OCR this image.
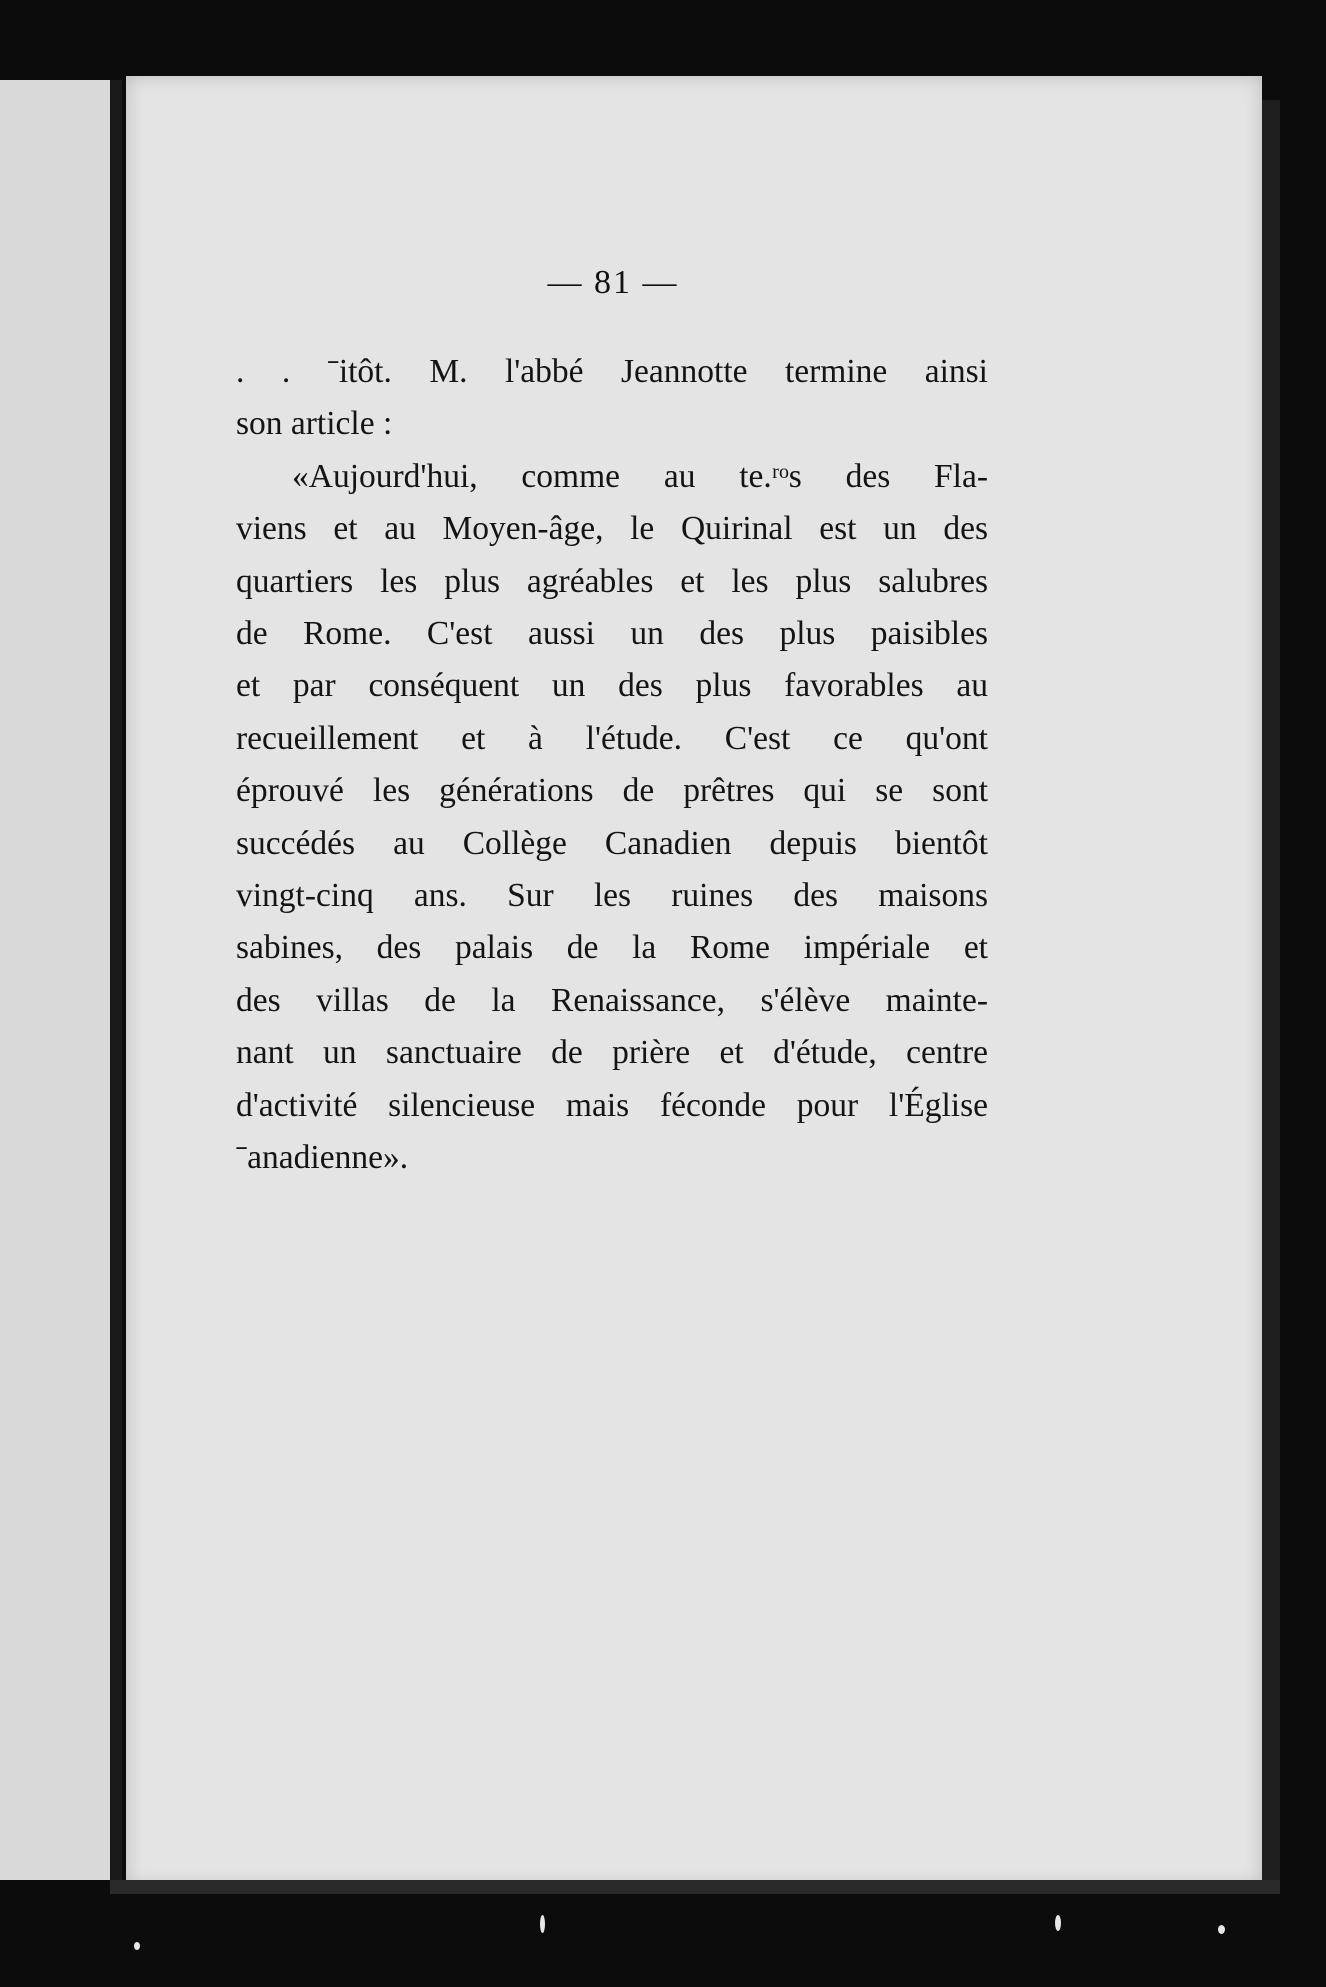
— 81 —
. . ˉitôt. M. l'abbé Jeannotte termine ainsi
son article :
«Aujourd'hui, comme au te.ʳᵒs des Fla-
viens et au Moyen-âge, le Quirinal est un des
quartiers les plus agréables et les plus salubres
de Rome. C'est aussi un des plus paisibles
et par conséquent un des plus favorables au
recueillement et à l'étude. C'est ce qu'ont
éprouvé les générations de prêtres qui se sont
succédés au Collège Canadien depuis bientôt
vingt-cinq ans. Sur les ruines des maisons
sabines, des palais de la Rome impériale et
des villas de la Renaissance, s'élève mainte-
nant un sanctuaire de prière et d'étude, centre
d'activité silencieuse mais féconde pour l'Église
ˉanadienne».
